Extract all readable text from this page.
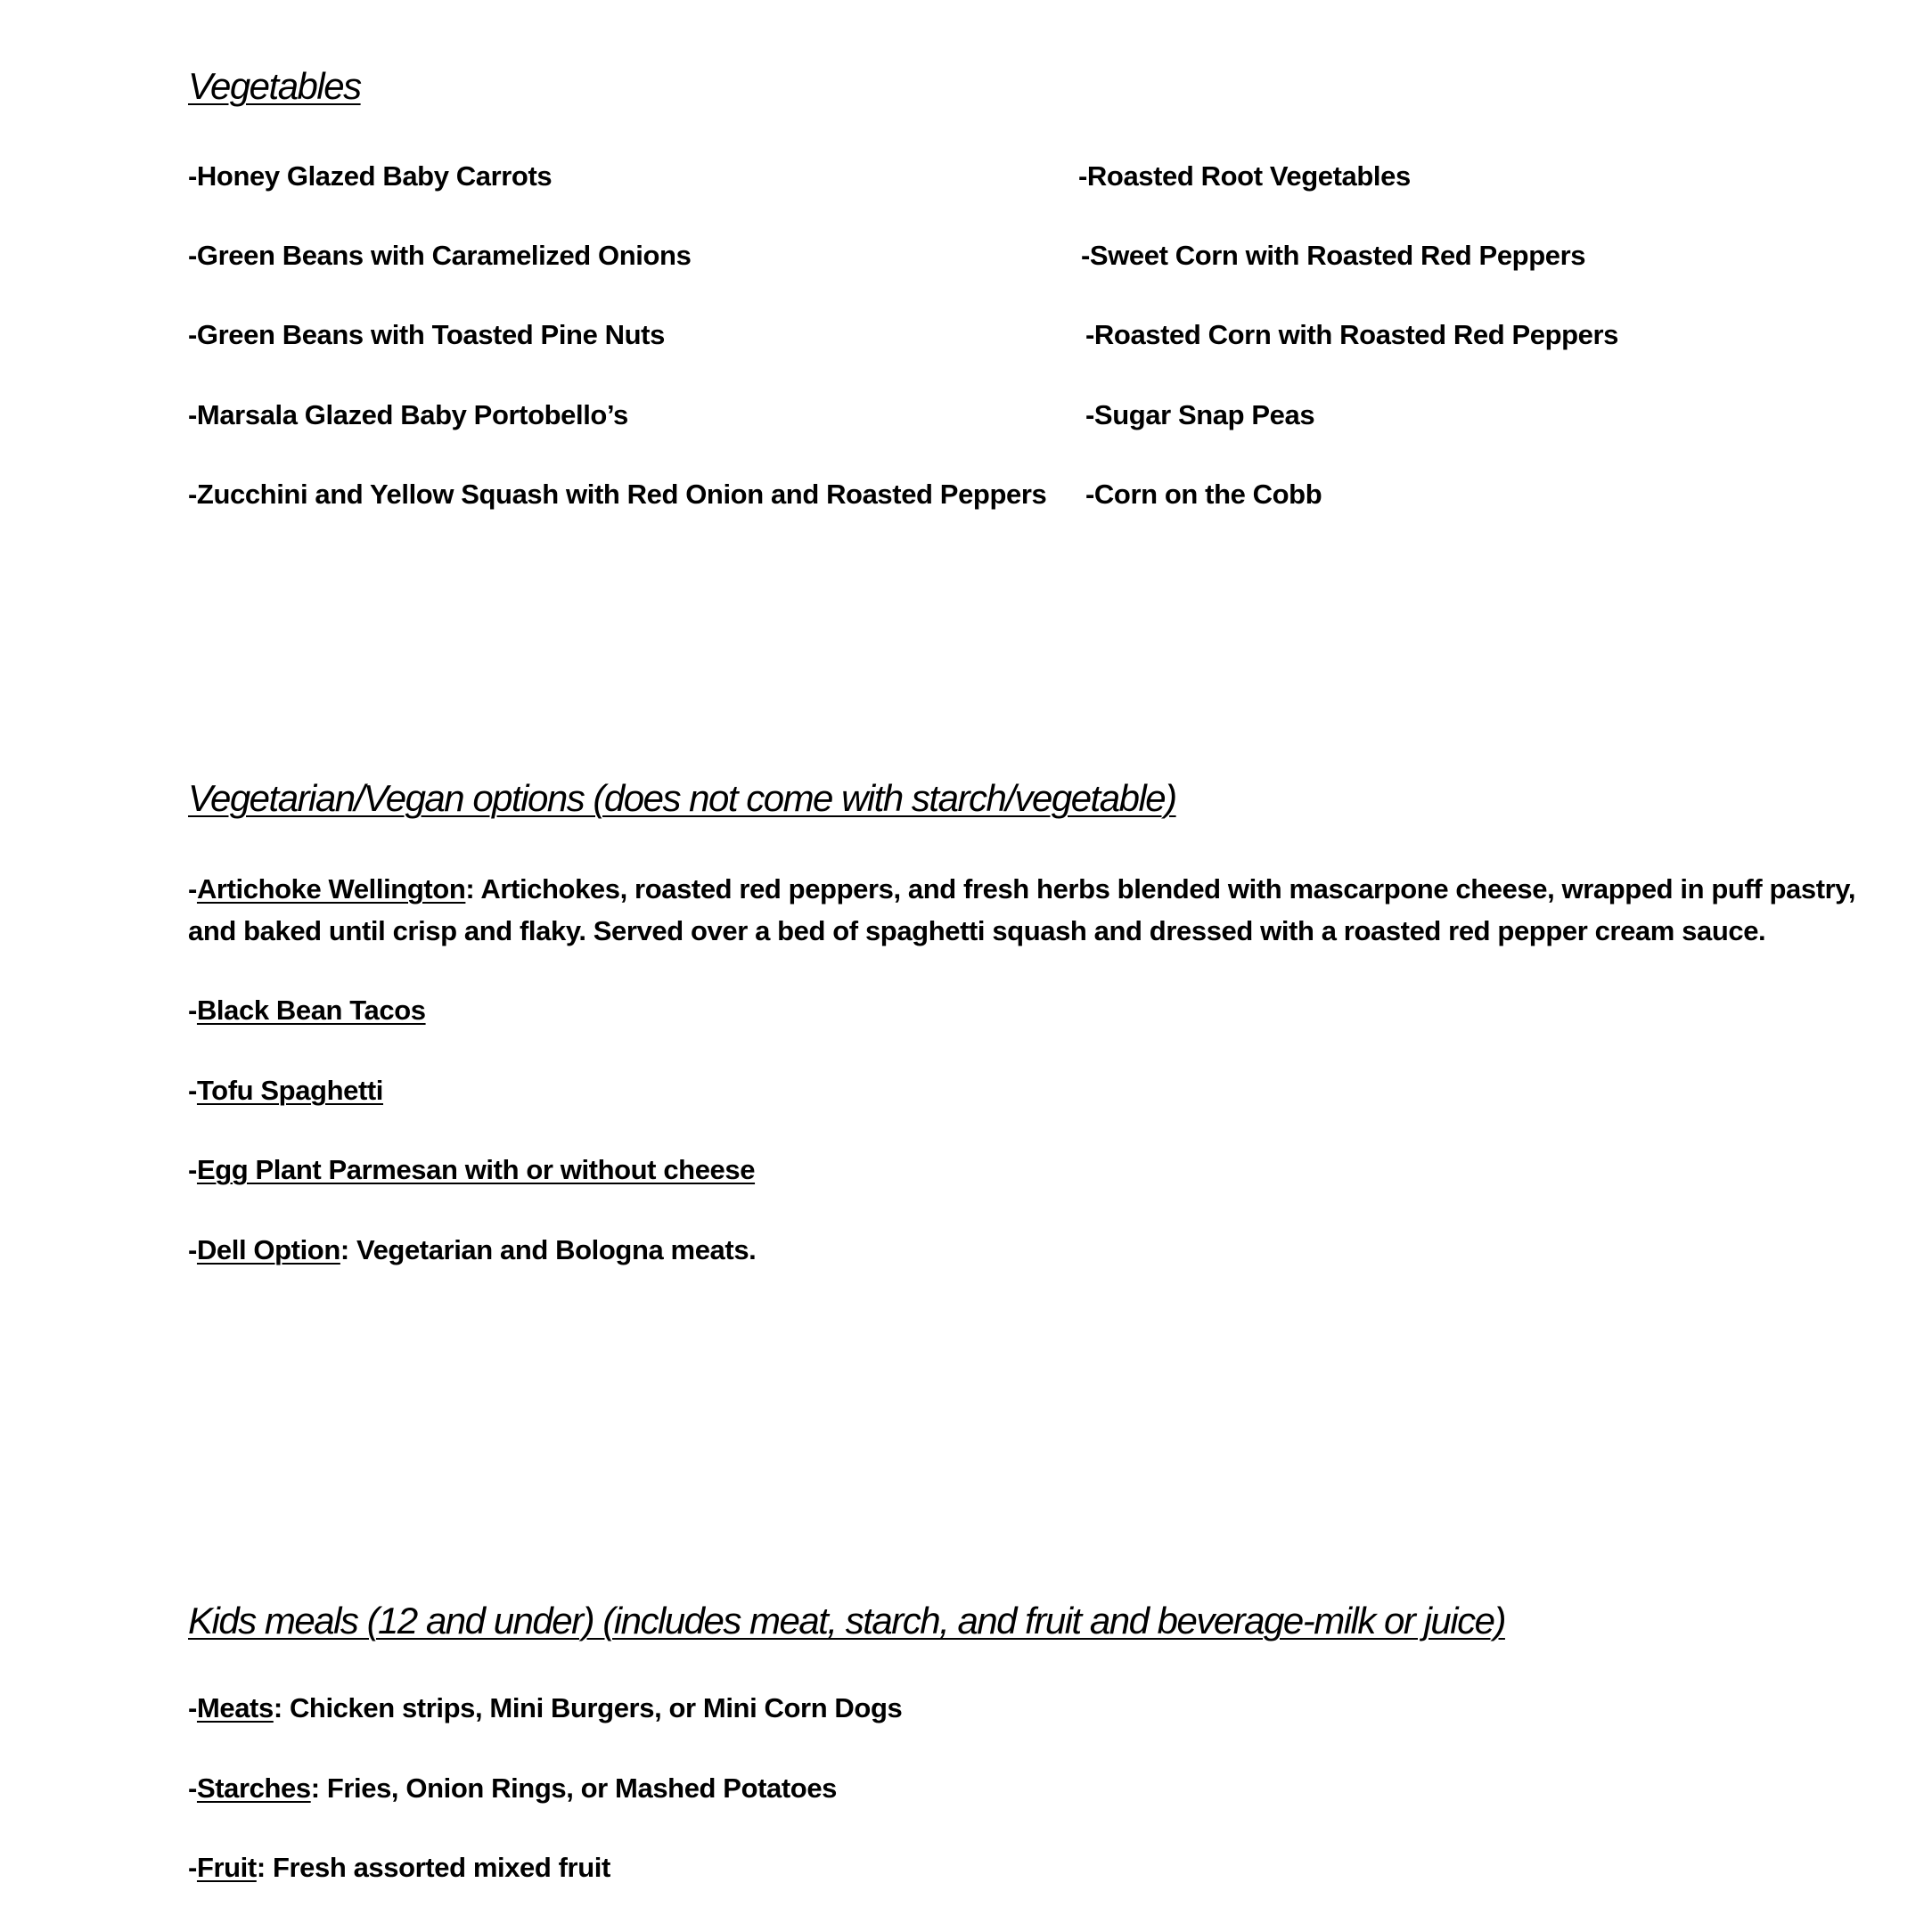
Vegetables
-Honey Glazed Baby Carrots
-Green Beans with Caramelized Onions
-Green Beans with Toasted Pine Nuts
-Marsala Glazed Baby Portobello’s
-Zucchini and Yellow Squash with Red Onion and Roasted Peppers
-Roasted Root Vegetables
-Sweet Corn with Roasted Red Peppers
-Roasted Corn with Roasted Red Peppers
-Sugar Snap Peas
-Corn on the Cobb
Vegetarian/Vegan options (does not come with starch/vegetable)
-Artichoke Wellington: Artichokes, roasted red peppers, and fresh herbs blended with mascarpone cheese, wrapped in puff pastry, and baked until crisp and flaky. Served over a bed of spaghetti squash and dressed with a roasted red pepper cream sauce.
-Black Bean Tacos
-Tofu Spaghetti
-Egg Plant Parmesan with or without cheese
-Dell Option: Vegetarian and Bologna meats.
Kids meals (12 and under) (includes meat, starch, and fruit and beverage-milk or juice)
-Meats: Chicken strips, Mini Burgers, or Mini Corn Dogs
-Starches: Fries, Onion Rings, or Mashed Potatoes
-Fruit: Fresh assorted mixed fruit
